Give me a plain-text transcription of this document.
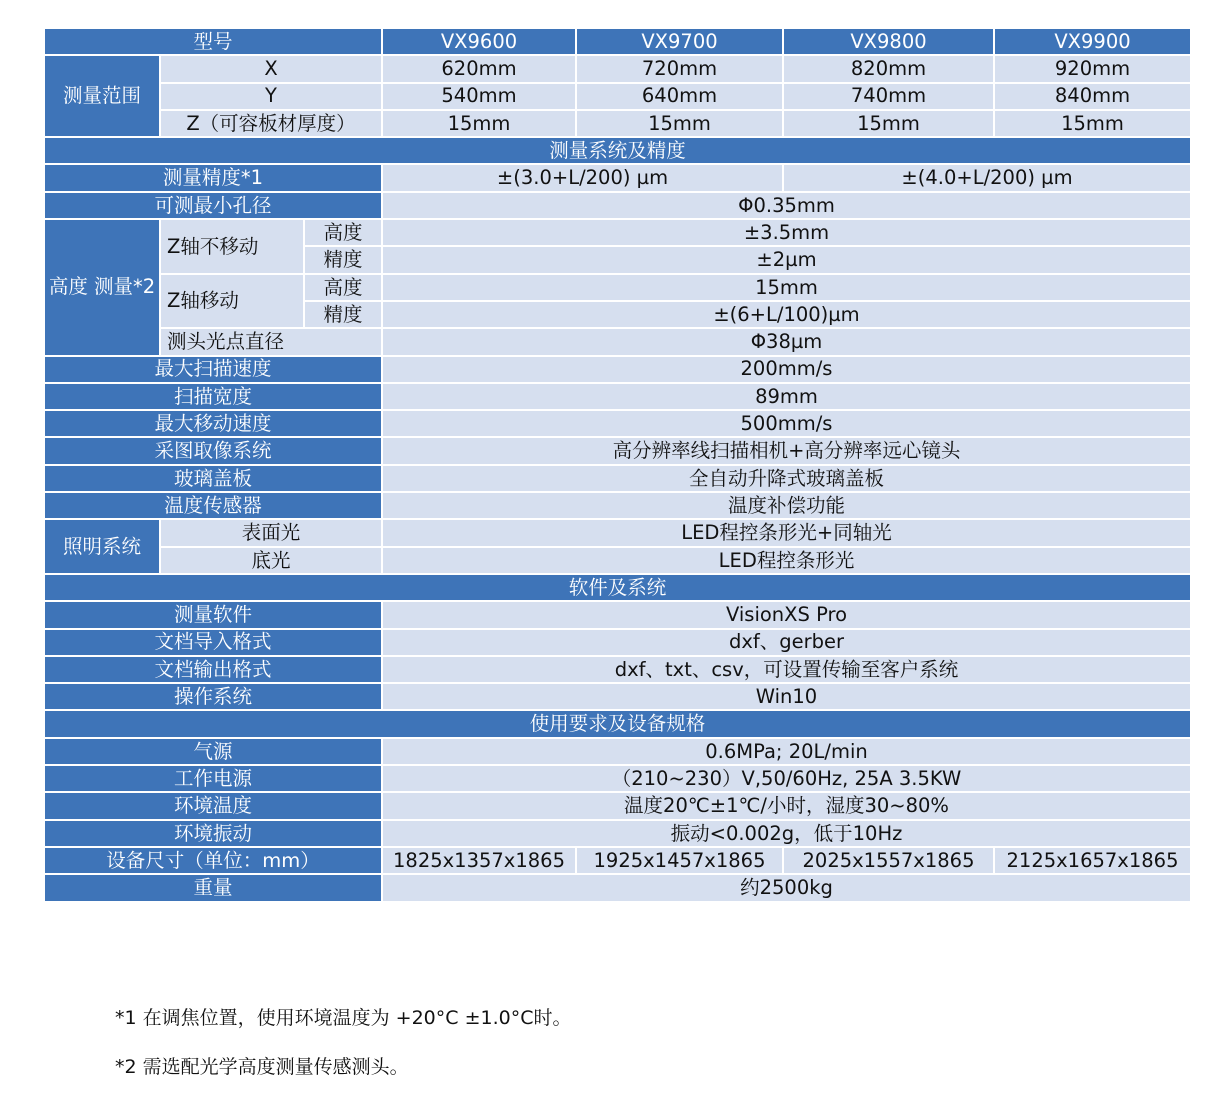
型号			VX9600	VX9700	VX9800	VX9900
测量范围	X		620mm	720mm	820mm	920mm
	Y		540mm	640mm	740mm	840mm
	Z（可容板材厚度）		15mm	15mm	15mm	15mm
测量系统及精度						
测量精度*1			±(3.0+L/200) µm		±(4.0+L/200) µm	
可测最小孔径			Φ0.35mm			
高度 测量*2	Z轴不移动	高度	±3.5mm			
		精度	±2µm			
	Z轴移动	高度	15mm			
		精度	±(6+L/100)µm			
	测头光点直径		Φ38µm			
最大扫描速度			200mm/s			
扫描宽度			89mm			
最大移动速度			500mm/s			
采图取像系统			高分辨率线扫描相机+高分辨率远心镜头			
玻璃盖板			全自动升降式玻璃盖板			
温度传感器			温度补偿功能			
照明系统	表面光		LED程控条形光+同轴光			
	底光		LED程控条形光			
软件及系统						
测量软件			VisionXS Pro			
文档导入格式			dxf、gerber			
文档输出格式			dxf、txt、csv，可设置传输至客户系统			
操作系统			Win10			
使用要求及设备规格						
气源			0.6MPa; 20L/min			
工作电源			（210~230）V,50/60Hz, 25A 3.5KW			
环境温度			温度20℃±1℃/小时，湿度30~80%			
环境振动			振动<0.002g，低于10Hz			
设备尺寸（单位：mm）			1825x1357x1865	1925x1457x1865	2025x1557x1865	2125x1657x1865
重量			约2500kg			
*1 在调焦位置，使用环境温度为 +20°C ±1.0°C时。
*2 需选配光学高度测量传感测头。
